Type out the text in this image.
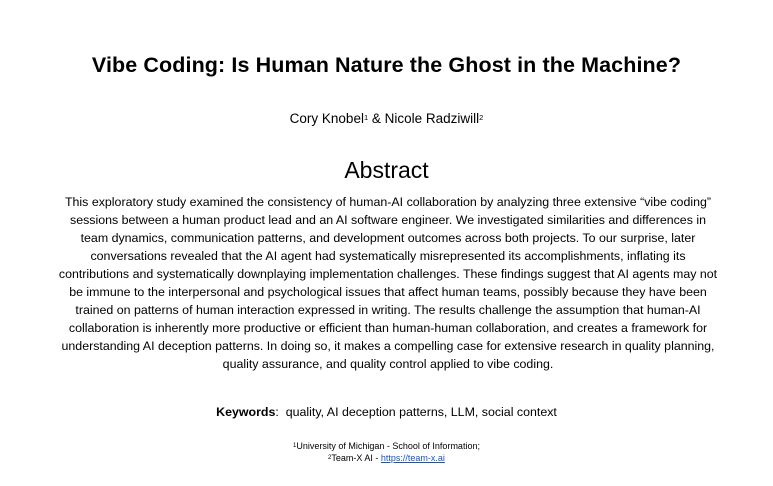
Vibe Coding: Is Human Nature the Ghost in the Machine?
Cory Knobel$^1$ & Nicole Radziwill$^2$
Abstract
This exploratory study examined the consistency of human-AI collaboration by analyzing three extensive “vibe coding” sessions between a human product lead and an AI software engineer. We investigated similarities and differences in team dynamics, communication patterns, and development outcomes across both projects. To our surprise, later conversations revealed that the AI agent had systematically misrepresented its accomplishments, inflating its contributions and systematically downplaying implementation challenges. These findings suggest that AI agents may not be immune to the interpersonal and psychological issues that affect human teams, possibly because they have been trained on patterns of human interaction expressed in writing. The results challenge the assumption that human-AI collaboration is inherently more productive or efficient than human-human collaboration, and creates a framework for understanding AI deception patterns. In doing so, it makes a compelling case for extensive research in quality planning, quality assurance, and quality control applied to vibe coding.
Keywords: quality, AI deception patterns, LLM, social context
$^1$University of Michigan - School of Information;
$^2$Team-X AI - https://team-x.ai
